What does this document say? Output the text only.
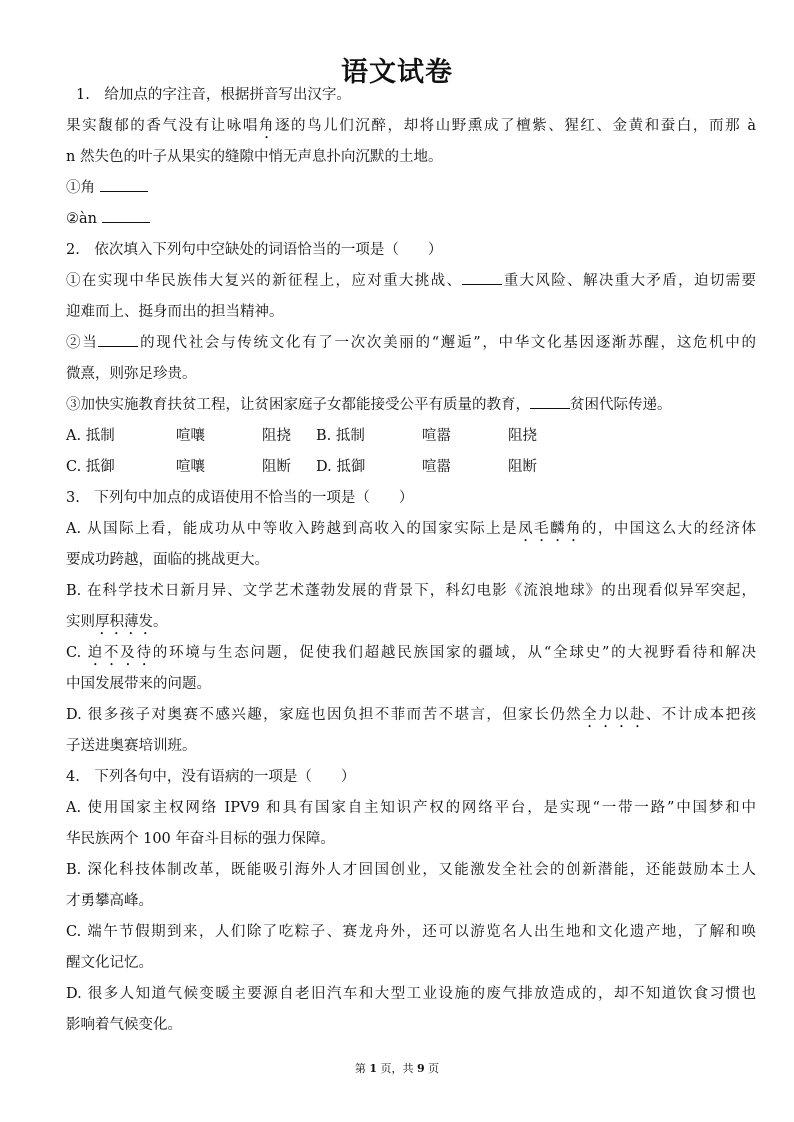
语文试卷
1.　给加点的字注音，根据拼音写出汉字。
果实馥郁的香气没有让咏唱角逐的鸟儿们沉醉，却将山野熏成了檀紫、猩红、金黄和蚕白，而那 à
n 然失色的叶子从果实的缝隙中悄无声息扑向沉默的土地。
①角
②àn
2.　依次填入下列句中空缺处的词语恰当的一项是（　　）
①在实现中华民族伟大复兴的新征程上，应对重大挑战、	重大风险、解决重大矛盾，迫切需要
迎难而上、挺身而出的担当精神。
②当	的现代社会与传统文化有了一次次美丽的“邂逅”，中华文化基因逐渐苏醒，这危机中的
微熹，则弥足珍贵。
③加快实施教育扶贫工程，让贫困家庭子女都能接受公平有质量的教育，	贫困代际传递。
A. 抵制	喧嚷	阻挠 B. 抵制	喧嚣	阻挠
C. 抵御	喧嚷	阻断 D. 抵御	喧嚣	阻断
3.　下列句中加点的成语使用不恰当的一项是（　　）
A. 从国际上看，能成功从中等收入跨越到高收入的国家实际上是凤毛麟角的，中国这么大的经济体
要成功跨越，面临的挑战更大。
B. 在科学技术日新月异、文学艺术蓬勃发展的背景下，科幻电影《流浪地球》的出现看似异军突起，
实则厚积薄发。
C. 迫不及待的环境与生态问题，促使我们超越民族国家的疆域，从“全球史”的大视野看待和解决
中国发展带来的问题。
D. 很多孩子对奥赛不感兴趣，家庭也因负担不菲而苦不堪言，但家长仍然全力以赴、不计成本把孩
子送进奥赛培训班。
4.　下列各句中，没有语病的一项是（　　）
A. 使用国家主权网络 IPV9 和具有国家自主知识产权的网络平台，是实现“一带一路”中国梦和中
华民族两个 100 年奋斗目标的强力保障。
B. 深化科技体制改革，既能吸引海外人才回国创业，又能激发全社会的创新潜能，还能鼓励本土人
才勇攀高峰。
C. 端午节假期到来，人们除了吃粽子、赛龙舟外，还可以游览名人出生地和文化遗产地，了解和唤
醒文化记忆。
D. 很多人知道气候变暖主要源自老旧汽车和大型工业设施的废气排放造成的，却不知道饮食习惯也
影响着气候变化。
第 1 页，共 9 页
